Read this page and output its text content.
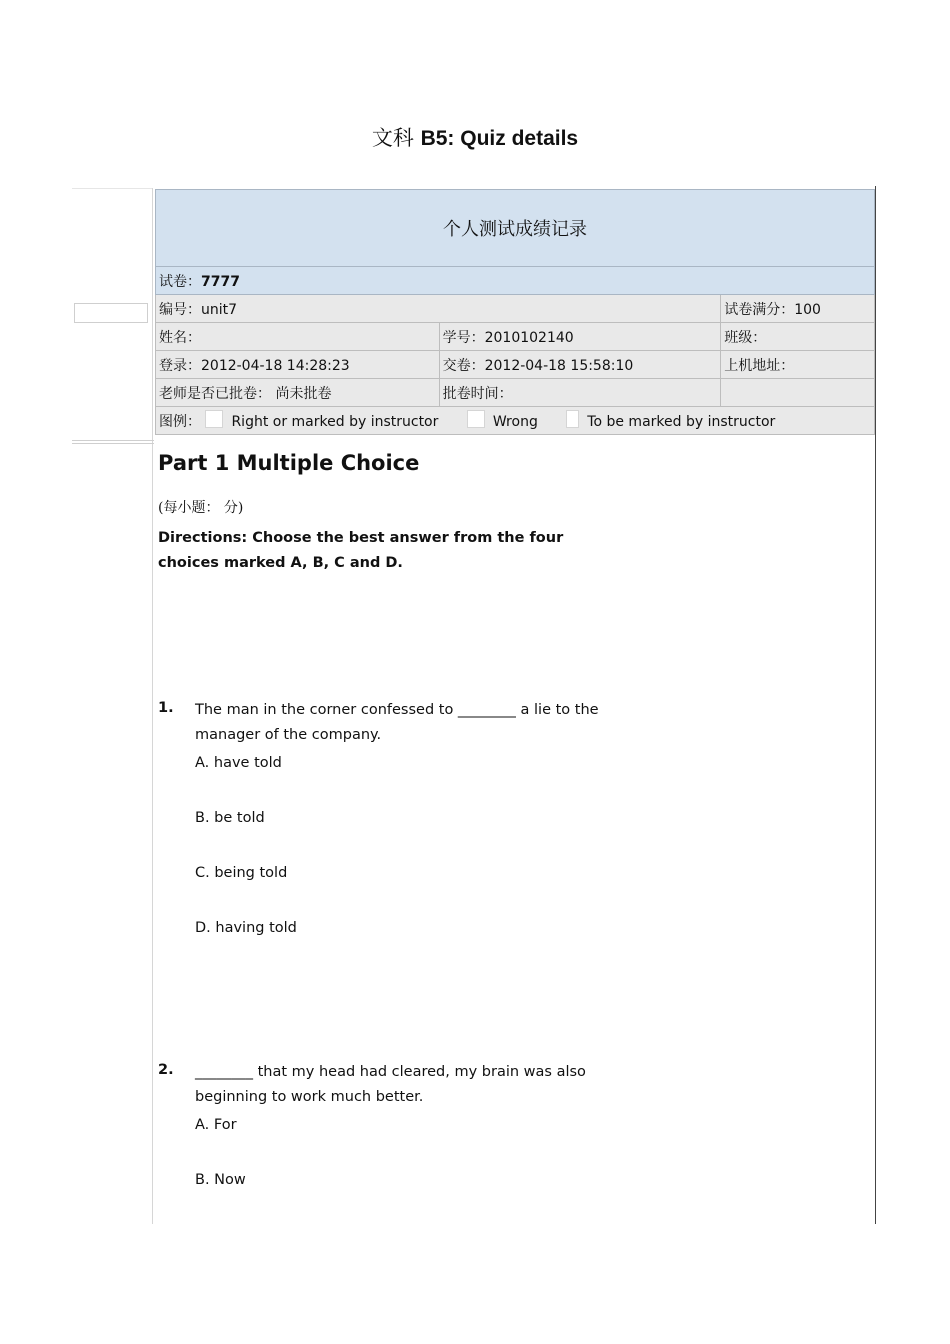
文科 B5: Quiz details
个人测试成绩记录		
试卷：7777		
编号：unit7		试卷满分：100
姓名：	学号：2010102140	班级：
登录：2012-04-18 14:28:23	交卷：2012-04-18 15:58:10	上机地址：
老师是否已批卷： 尚未批卷	批卷时间：	
图例： Right or marked by instructor Wrong To be marked by instructor		
Part 1 Multiple Choice
(每小题： 分)
Directions: Choose the best answer from the four choices marked A, B, C and D.
1. The man in the corner confessed to ________ a lie to the manager of the company.
A. have told
B. be told
C. being told
D. having told
2. ________ that my head had cleared, my brain was also beginning to work much better.
A. For
B. Now
